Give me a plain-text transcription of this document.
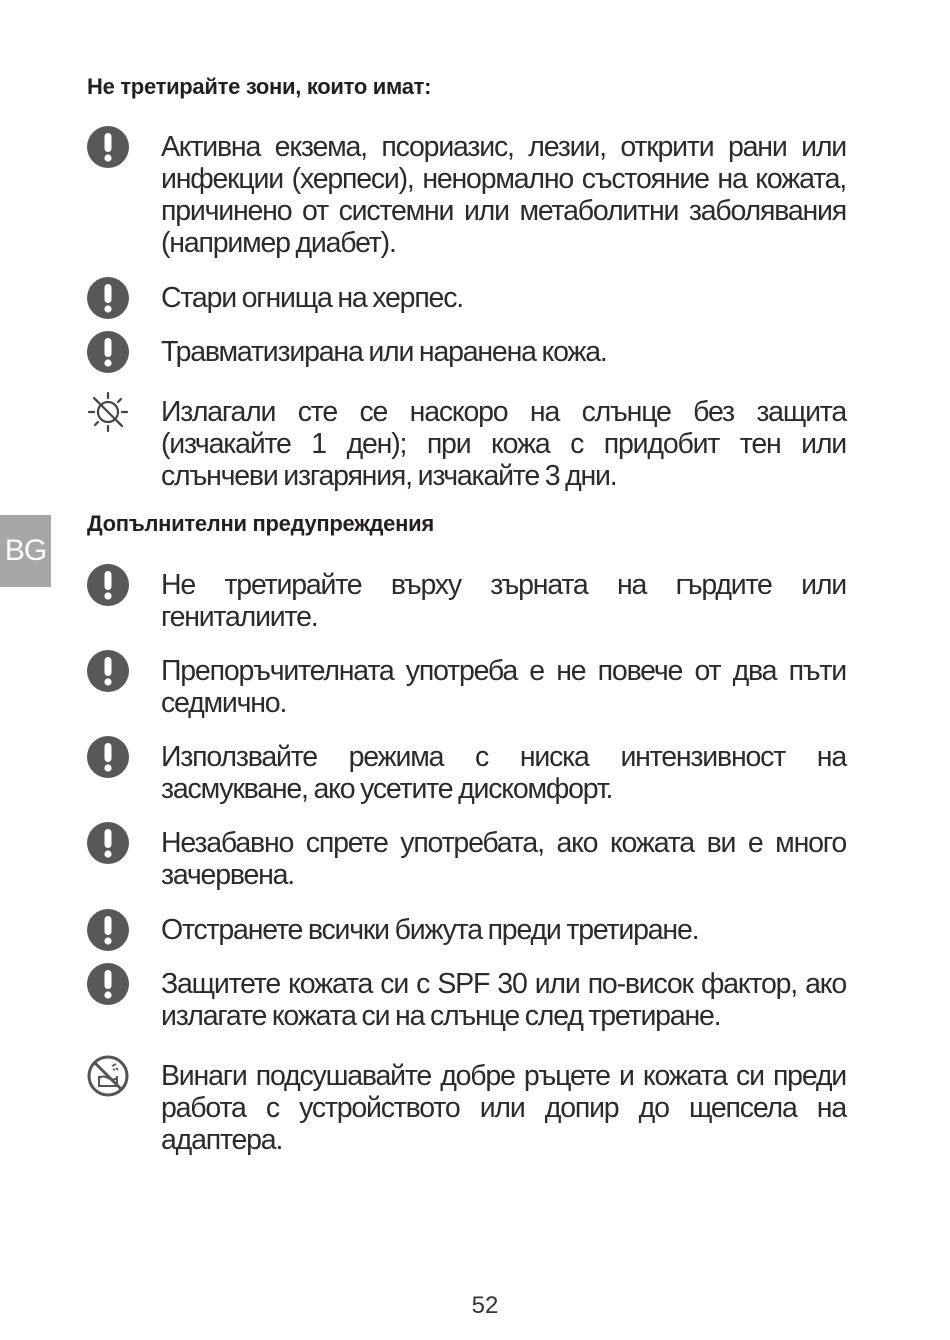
Не третирайте зони, които имат:
Активна екзема, псориазис, лезии, открити рани или инфекции (херпеси), ненормално състояние на кожата, причинено от системни или метаболитни заболявания (например диабет).
Стари огнища на херпес.
Травматизирана или наранена кожа.
Излагали сте се наскоро на слънце без защита (изчакайте 1 ден); при кожа с придобит тен или слънчеви изгаряния, изчакайте 3 дни.
Допълнителни предупреждения
Не третирайте върху зърната на гърдите или гениталиите.
Препоръчителната употреба е не повече от два пъти седмично.
Използвайте режима с ниска интензивност на засмукване, ако усетите дискомфорт.
Незабавно спрете употребата, ако кожата ви е много зачервена.
Отстранете всички бижута преди третиране.
Защитете кожата си с SPF 30 или по-висок фактор, ако излагате кожата си на слънце след третиране.
Винаги подсушавайте добре ръцете и кожата си преди работа с устройството или допир до щепсела на адаптера.
BG
52
